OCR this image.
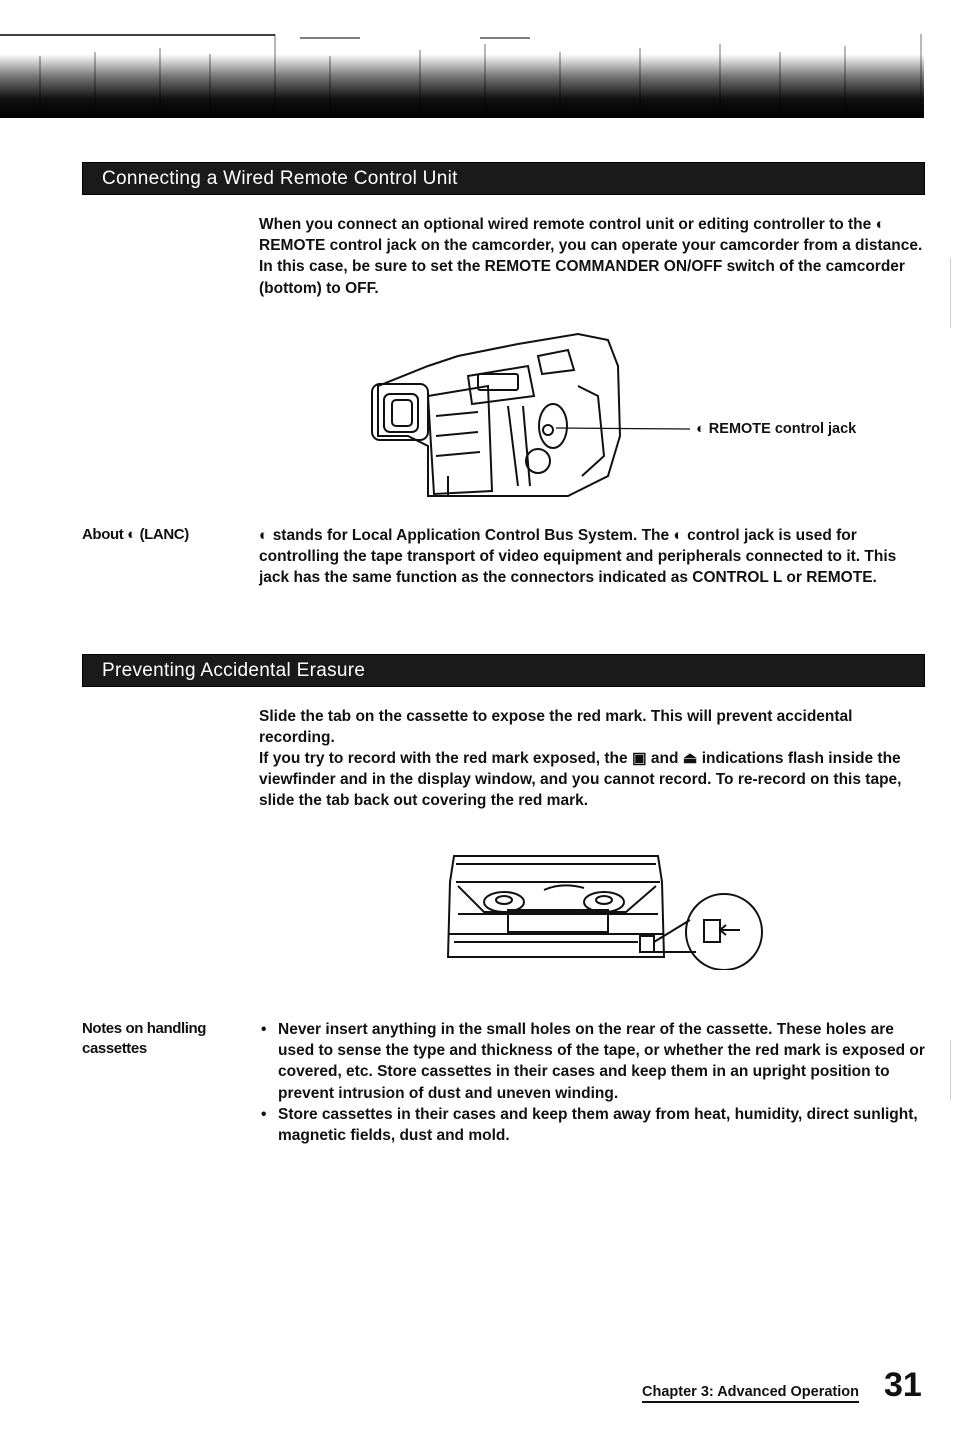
Connecting a Wired Remote Control Unit

When you connect an optional wired remote control unit or editing controller to the ◐ REMOTE control jack on the camcorder, you can operate your camcorder from a distance. In this case, be sure to set the REMOTE COMMANDER ON/OFF switch of the camcorder (bottom) to OFF.

◐ REMOTE control jack

About ◐ (LANC)	◐ stands for Local Application Control Bus System. The ◐ control jack is used for controlling the tape transport of video equipment and peripherals connected to it. This jack has the same function as the connectors indicated as CONTROL L or REMOTE.

Preventing Accidental Erasure

Slide the tab on the cassette to expose the red mark. This will prevent accidental recording.

If you try to record with the red mark exposed, the ▣ and ⏏ indications flash inside the viewfinder and in the display window, and you cannot record. To re-record on this tape, slide the tab back out covering the red mark.

Notes on handling cassettes

• Never insert anything in the small holes on the rear of the cassette. These holes are used to sense the type and thickness of the tape, or whether the red mark is exposed or covered, etc. Store cassettes in their cases and keep them in an upright position to prevent intrusion of dust and uneven winding.
• Store cassettes in their cases and keep them away from heat, humidity, direct sunlight, magnetic fields, dust and mold.

Chapter 3: Advanced Operation 31
